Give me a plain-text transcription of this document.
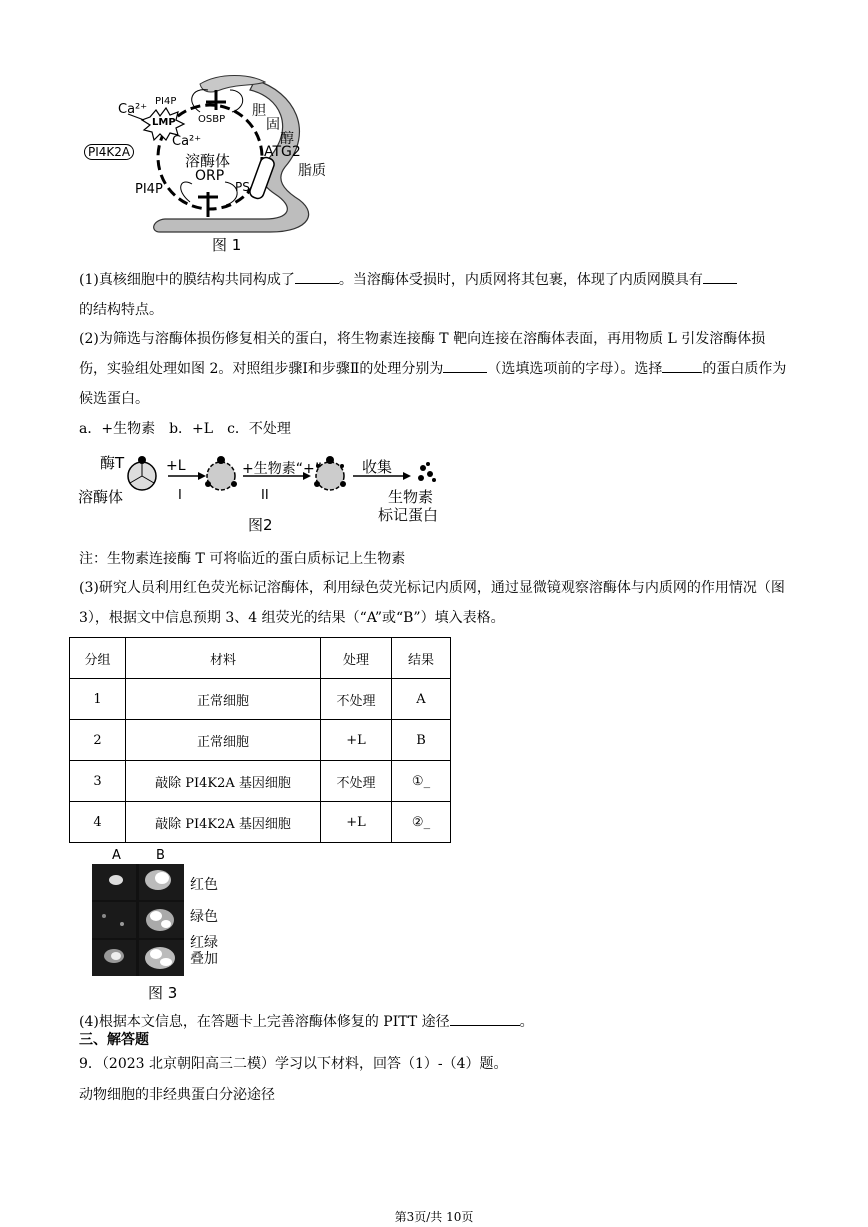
Ca²⁺
PI4P
LMP OSBP
Ca²⁺
PI4K2A	溶酶体
ORP
PI4P	PS
ATG2
脂质
胆
固
醇
图 1
(1)真核细胞中的膜结构共同构成了	。当溶酶体受损时，内质网将其包裹，体现了内质网膜具有
的结构特点。
(2)为筛选与溶酶体损伤修复相关的蛋白，将生物素连接酶 T 靶向连接在溶酶体表面，再用物质 L 引发溶酶体损伤，实验组处理如图 2。对照组步骤Ⅰ和步骤Ⅱ的处理分别为	（选填选项前的字母）。选择	的蛋白质作为候选蛋白。
a．+生物素　b．+L　c．不处理
酶T
溶酶体
+L
I
+生物素“+”
II
收集
生物素
标记蛋白
图2
注：生物素连接酶 T 可将临近的蛋白质标记上生物素
(3)研究人员利用红色荧光标记溶酶体，利用绿色荧光标记内质网，通过显微镜观察溶酶体与内质网的作用情况（图 3），根据文中信息预期 3、4 组荧光的结果（“A”或“B”）填入表格。
分组	材料	处理	结果
1	正常细胞	不处理	A
2	正常细胞	+L	B
3	敲除 PI4K2A 基因细胞	不处理	①_
4	敲除 PI4K2A 基因细胞	+L	②_
A	B
红色
绿色
红绿
叠加
图 3
(4)根据本文信息，在答题卡上完善溶酶体修复的 PITT 途径	。
三、解答题
9．（2023 北京朝阳高三二模）学习以下材料，回答（1）-（4）题。
动物细胞的非经典蛋白分泌途径
第3页/共 10页
